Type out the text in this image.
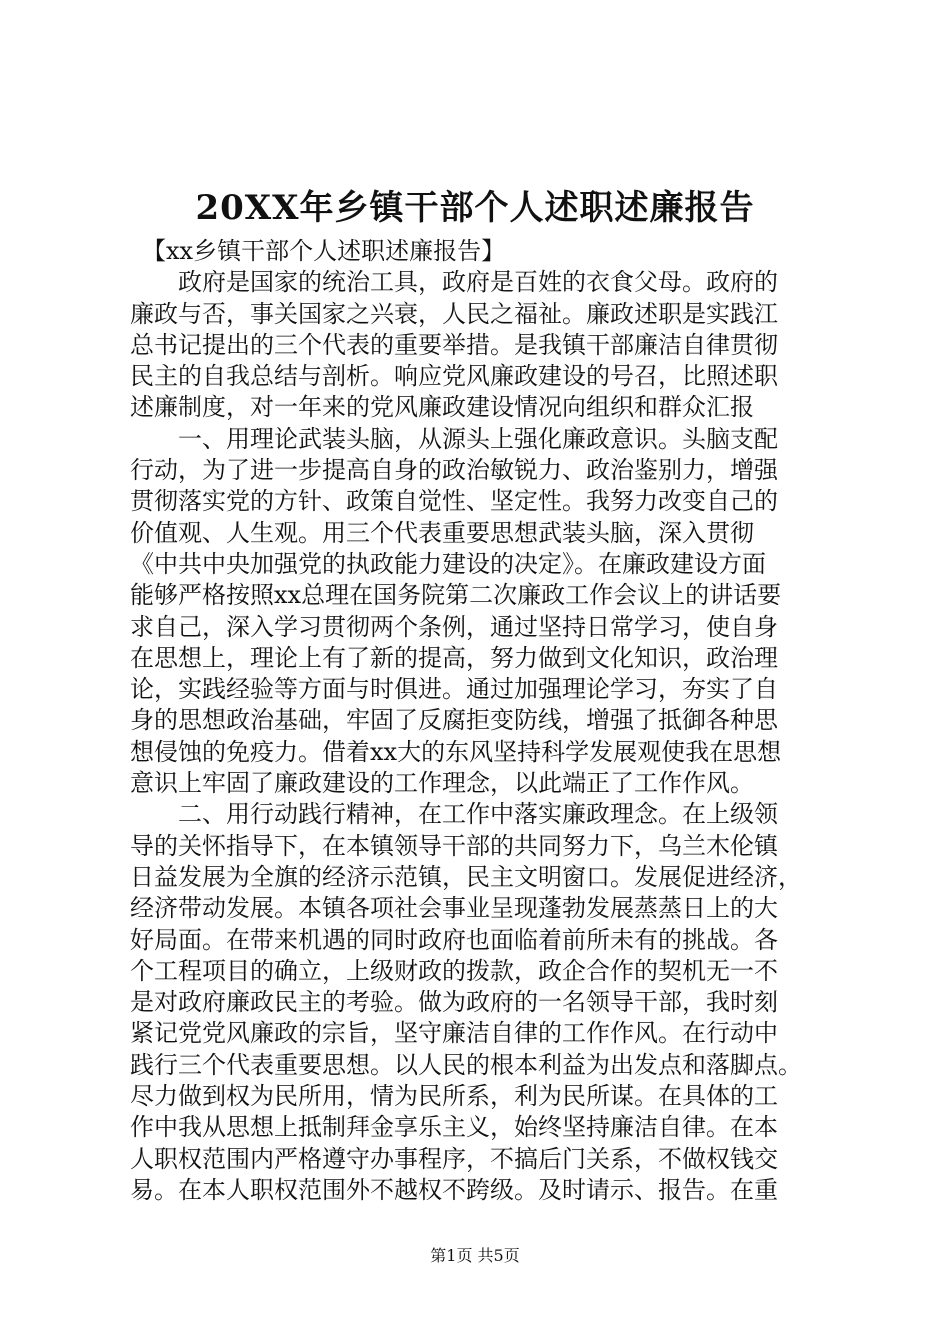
20XX年乡镇干部个人述职述廉报告
　【xx乡镇干部个人述职述廉报告】
　　政府是国家的统治工具，政府是百姓的衣食父母。政府的
廉政与否，事关国家之兴衰，人民之福祉。廉政述职是实践江
总书记提出的三个代表的重要举措。是我镇干部廉洁自律贯彻
民主的自我总结与剖析。响应党风廉政建设的号召，比照述职
述廉制度，对一年来的党风廉政建设情况向组织和群众汇报
　　一、用理论武装头脑，从源头上强化廉政意识。头脑支配
行动，为了进一步提高自身的政治敏锐力、政治鉴别力，增强
贯彻落实党的方针、政策自觉性、坚定性。我努力改变自己的
价值观、人生观。用三个代表重要思想武装头脑，深入贯彻
《中共中央加强党的执政能力建设的决定》。在廉政建设方面
能够严格按照xx总理在国务院第二次廉政工作会议上的讲话要
求自己，深入学习贯彻两个条例，通过坚持日常学习，使自身
在思想上，理论上有了新的提高，努力做到文化知识，政治理
论，实践经验等方面与时俱进。通过加强理论学习，夯实了自
身的思想政治基础，牢固了反腐拒变防线，增强了抵御各种思
想侵蚀的免疫力。借着xx大的东风坚持科学发展观使我在思想
意识上牢固了廉政建设的工作理念，以此端正了工作作风。
　　二、用行动践行精神，在工作中落实廉政理念。在上级领
导的关怀指导下，在本镇领导干部的共同努力下，乌兰木伦镇
日益发展为全旗的经济示范镇，民主文明窗口。发展促进经济，
经济带动发展。本镇各项社会事业呈现蓬勃发展蒸蒸日上的大
好局面。在带来机遇的同时政府也面临着前所未有的挑战。各
个工程项目的确立，上级财政的拨款，政企合作的契机无一不
是对政府廉政民主的考验。做为政府的一名领导干部，我时刻
紧记党党风廉政的宗旨，坚守廉洁自律的工作作风。在行动中
践行三个代表重要思想。以人民的根本利益为出发点和落脚点。
尽力做到权为民所用，情为民所系，利为民所谋。在具体的工
作中我从思想上抵制拜金享乐主义，始终坚持廉洁自律。在本
人职权范围内严格遵守办事程序，不搞后门关系，不做权钱交
易。在本人职权范围外不越权不跨级。及时请示、报告。在重
第1页 共5页
